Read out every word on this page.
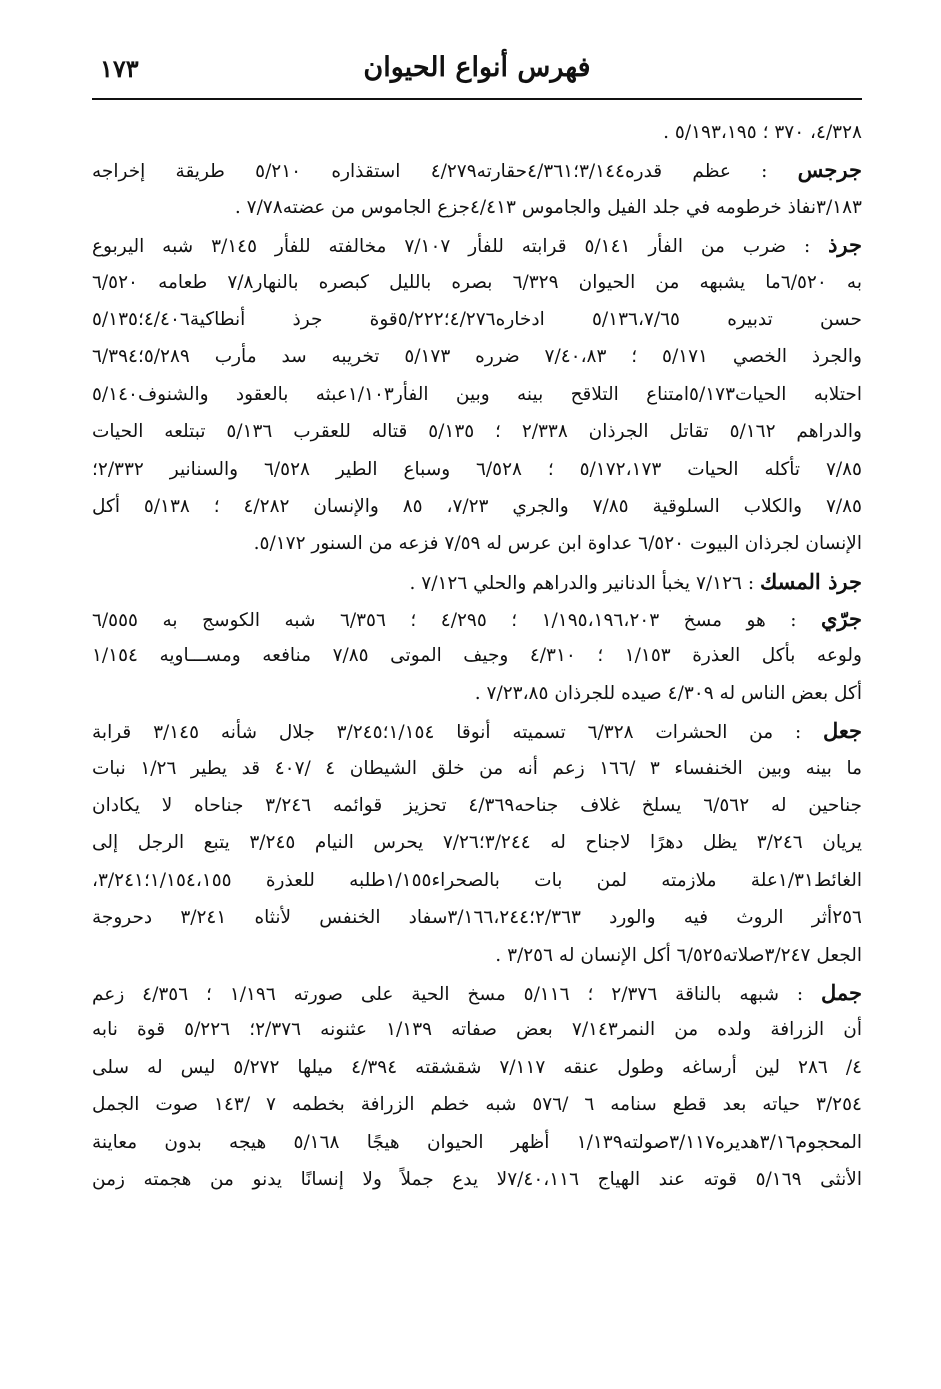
فهرس أنواع الحيوان
١٧٣
٤/٣٢٨، ٣٧٠ ؛ ٥/١٩٣،١٩٥ .
جرجس : عظم قدره٣/١٤٤؛٤/٣٦١حقارته٤/٢٧٩ استقذاره ٥/٢١٠ طريقة إخراجه
٣/١٨٣نفاذ خرطومه في جلد الفيل والجاموس ٤/٤١٣جزع الجاموس من عضته٧/٧٨ .
جرذ : ضرب من الفأر ٥/١٤١ قرابته للفأر ٧/١٠٧ مخالفته للفأر ٣/١٤٥ شبه اليربوع
به ٦/٥٢٠ما يشبهه من الحيوان ٦/٣٢٩ بصره بالليل كبصره بالنهار٧/٨ طعامه ٦/٥٢٠
حسن تدبيره ٥/١٣٦،٧/٦٥ ادخاره٤/٢٧٦؛٥/٢٢٢قوة جرذ أنطاكية٤/٤٠٦؛٥/١٣٥
والجرذ الخصي ٥/١٧١ ؛ ٧/٤٠،٨٣ ضرره ٥/١٧٣ تخريبه سد مأرب ٥/٢٨٩؛٦/٣٩٤
احتلابه الحيات٥/١٧٣امتناع التلاقح بينه وبين الفأر١/١٠٣عبثه بالعقود والشنوف٥/١٤٠
والدراهم ٥/١٦٢ تقاتل الجرذان ٢/٣٣٨ ؛ ٥/١٣٥ قتاله للعقرب ٥/١٣٦ تبتلعه الحيات
٧/٨٥ تأكله الحيات ٥/١٧٢،١٧٣ ؛ ٦/٥٢٨ وسباع الطير ٦/٥٢٨ والسنانير ٢/٣٣٢؛
٧/٨٥ والكلاب السلوقية ٧/٨٥ والجري ٧/٢٣، ٨٥ والإنسان ٤/٢٨٢ ؛ ٥/١٣٨ أكل
الإنسان لجرذان البيوت ٦/٥٢٠ عداوة ابن عرس له ٧/٥٩ فزعه من السنور ٥/١٧٢.
جرذ المسك : ٧/١٢٦ يخبأ الدنانير والدراهم والحلي ٧/١٢٦ .
جرّي : هو مسخ ١/١٩٥،١٩٦،٢٠٣ ؛ ٤/٢٩٥ ؛ ٦/٣٥٦ شبه الكوسج به ٦/٥٥٥
ولوعه بأكل العذرة ١/١٥٣ ؛ ٤/٣١٠ وجيف الموتى ٧/٨٥ منافعه ومســـاويه ١/١٥٤
أكل بعض الناس له ٤/٣٠٩ صيده للجرذان ٧/٢٣،٨٥ .
جعل : من الحشرات ٦/٣٢٨ تسميته أنوقا ١/١٥٤؛٣/٢٤٥ جلال شأنه ٣/١٤٥ قرابة
ما بينه وبين الخنفساء ٣ /١٦٦ زعم أنه من خلق الشيطان ٤ /٤٠٧ قد يطير ١/٢٦ نبات
جناحين له ٦/٥٦٢ يسلخ غلاف جناحه٤/٣٦٩ تحزيز قوائمه ٣/٢٤٦ جناحاه لا يكادان
يريان ٣/٢٤٦ يظل دهرًا لاجناح له ٣/٢٤٤؛٧/٢٦ يحرس النيام ٣/٢٤٥ يتبع الرجل إلى
الغائط١/٣١علة ملازمته لمن بات بالصحراء١/١٥٥طلبه للعذرة ١/١٥٤،١٥٥؛٣/٢٤١،
٢٥٦أثر الروث فيه والورد ٢/٣٦٣؛٣/١٦٦،٢٤٤سفاد الخنفس لأنثاه ٣/٢٤١ دحروجة
الجعل ٣/٢٤٧صلاته٦/٥٢٥ أكل الإنسان له ٣/٢٥٦ .
جمل : شبهه بالناقة ٢/٣٧٦ ؛ ٥/١١٦ مسخ الحية على صورته ١/١٩٦ ؛ ٤/٣٥٦ زعم
أن الزرافة ولده من النمر٧/١٤٣ بعض صفاته ١/١٣٩ عثنونه ٢/٣٧٦؛ ٥/٢٢٦ قوة نابه
٤/ ٢٨٦ لين أرساغه وطول عنقه ٧/١١٧ شقشقته ٤/٣٩٤ ميلها ٥/٢٧٢ ليس له سلى
٣/٢٥٤ حياته بعد قطع سنامه ٦ /٥٧٦ شبه خطم الزرافة بخطمه ٧ /١٤٣ صوت الجمل
المحجوم٣/١٦هديره٣/١١٧صولته١/١٣٩ أظهر الحيوان هيجًا ٥/١٦٨ هيجه بدون معاينة
الأنثى ٥/١٦٩ قوته عند الهياج ٧/٤٠،١١٦لا يدع جملاً ولا إنسانًا يدنو من هجمته زمن
